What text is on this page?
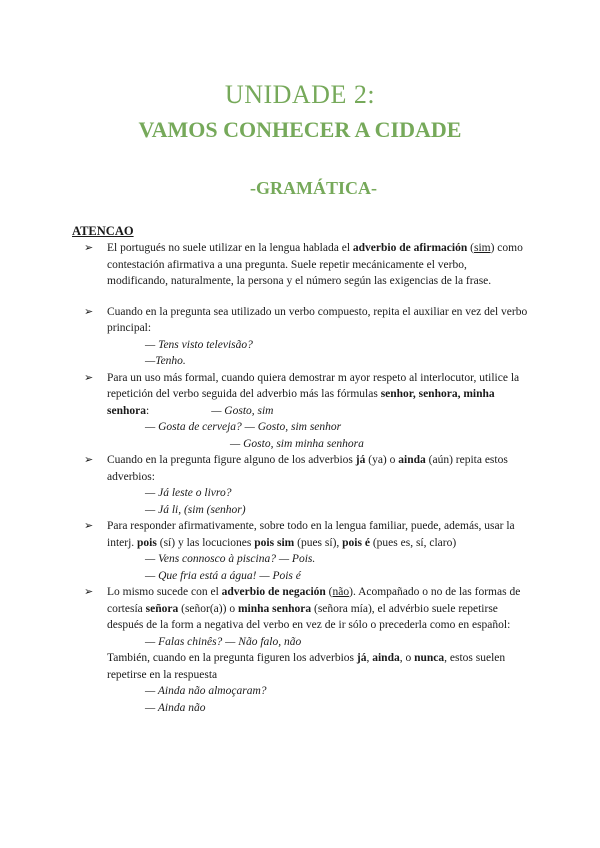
UNIDADE 2:
VAMOS CONHECER A CIDADE
-GRAMÁTICA-
ATENCAO
➢	El portugués no suele utilizar en la lengua hablada el adverbio de afirmación (sim) como contestación afirmativa a una pregunta. Suele repetir mecánicamente el verbo, modificando, naturalmente, la persona y el número según las exigencias de la frase.
➢	Cuando en la pregunta sea utilizado un verbo compuesto, repita el auxiliar en vez del verbo principal:
— Tens visto televisão?
—Tenho.
➢	Para un uso más formal, cuando quiera demostrar m ayor respeto al interlocutor, utilice la repetición del verbo seguida del adverbio más las fórmulas senhor, senhora, minha senhora:	— Gosto, sim
— Gosta de cerveja? — Gosto, sim senhor
— Gosto, sim minha senhora
➢	Cuando en la pregunta figure alguno de los adverbios já (ya) o ainda (aún) repita estos adverbios:
— Já leste o livro?
— Já li, (sim (senhor)
➢	Para responder afirmativamente, sobre todo en la lengua familiar, puede, además, usar la interj. pois (sí) y las locuciones pois sim (pues sí), pois é (pues es, sí, claro)
— Vens connosco à piscina? — Pois.
— Que fria está a água! — Pois é
➢	Lo mismo sucede con el adverbio de negación (não). Acompañado o no de las formas de cortesía señora (señor(a)) o minha senhora (señora mía), el advérbio suele repetirse después de la form a negativa del verbo en vez de ir sólo o precederla como en español:
— Falas chinês? — Não falo, não
También, cuando en la pregunta figuren los adverbios já, ainda, o nunca, estos suelen repetirse en la respuesta
— Ainda não almoçaram?
— Ainda não
